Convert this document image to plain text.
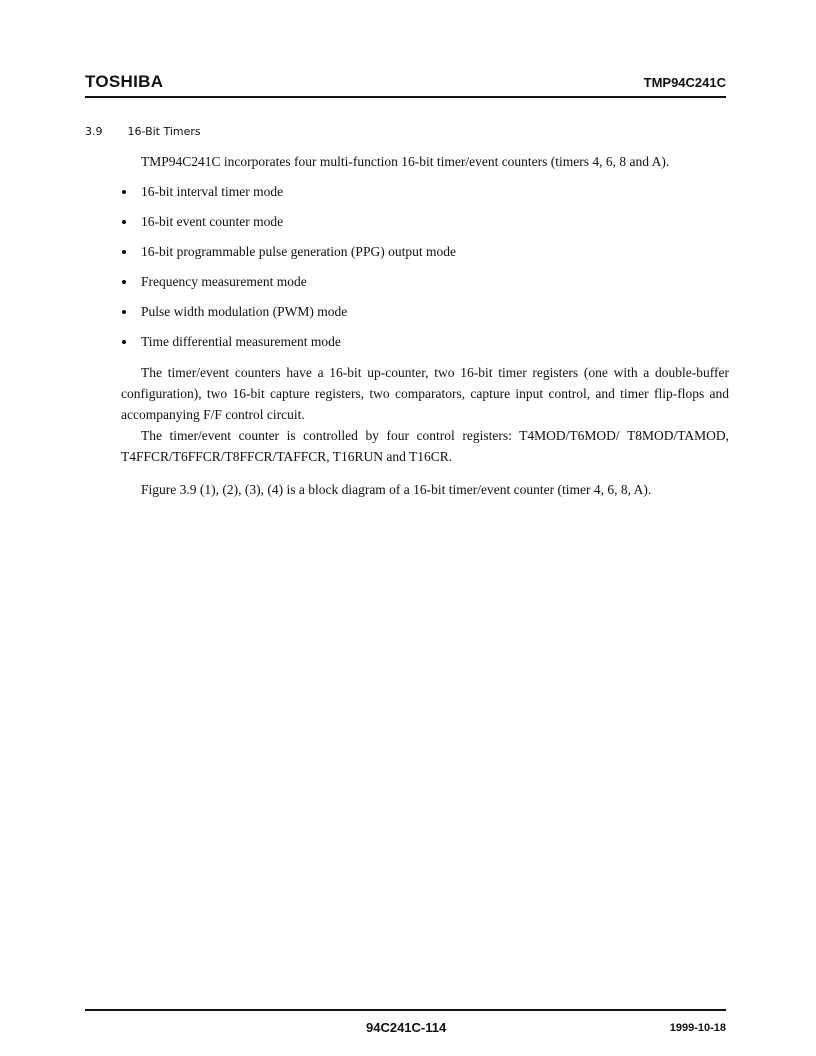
TOSHIBA	TMP94C241C
3.9 16-Bit Timers
TMP94C241C incorporates four multi-function 16-bit timer/event counters (timers 4, 6, 8 and A).
16-bit interval timer mode
16-bit event counter mode
16-bit programmable pulse generation (PPG) output mode
Frequency measurement mode
Pulse width modulation (PWM) mode
Time differential measurement mode

The timer/event counters have a 16-bit up-counter, two 16-bit timer registers (one with a double-buffer configuration), two 16-bit capture registers, two comparators, capture input control, and timer flip-flops and accompanying F/F control circuit.

The timer/event counter is controlled by four control registers: T4MOD/T6MOD/ T8MOD/TAMOD, T4FFCR/T6FFCR/T8FFCR/TAFFCR, T16RUN and T16CR.

Figure 3.9 (1), (2), (3), (4) is a block diagram of a 16-bit timer/event counter (timer 4, 6, 8, A).

94C241C-114	1999-10-18
